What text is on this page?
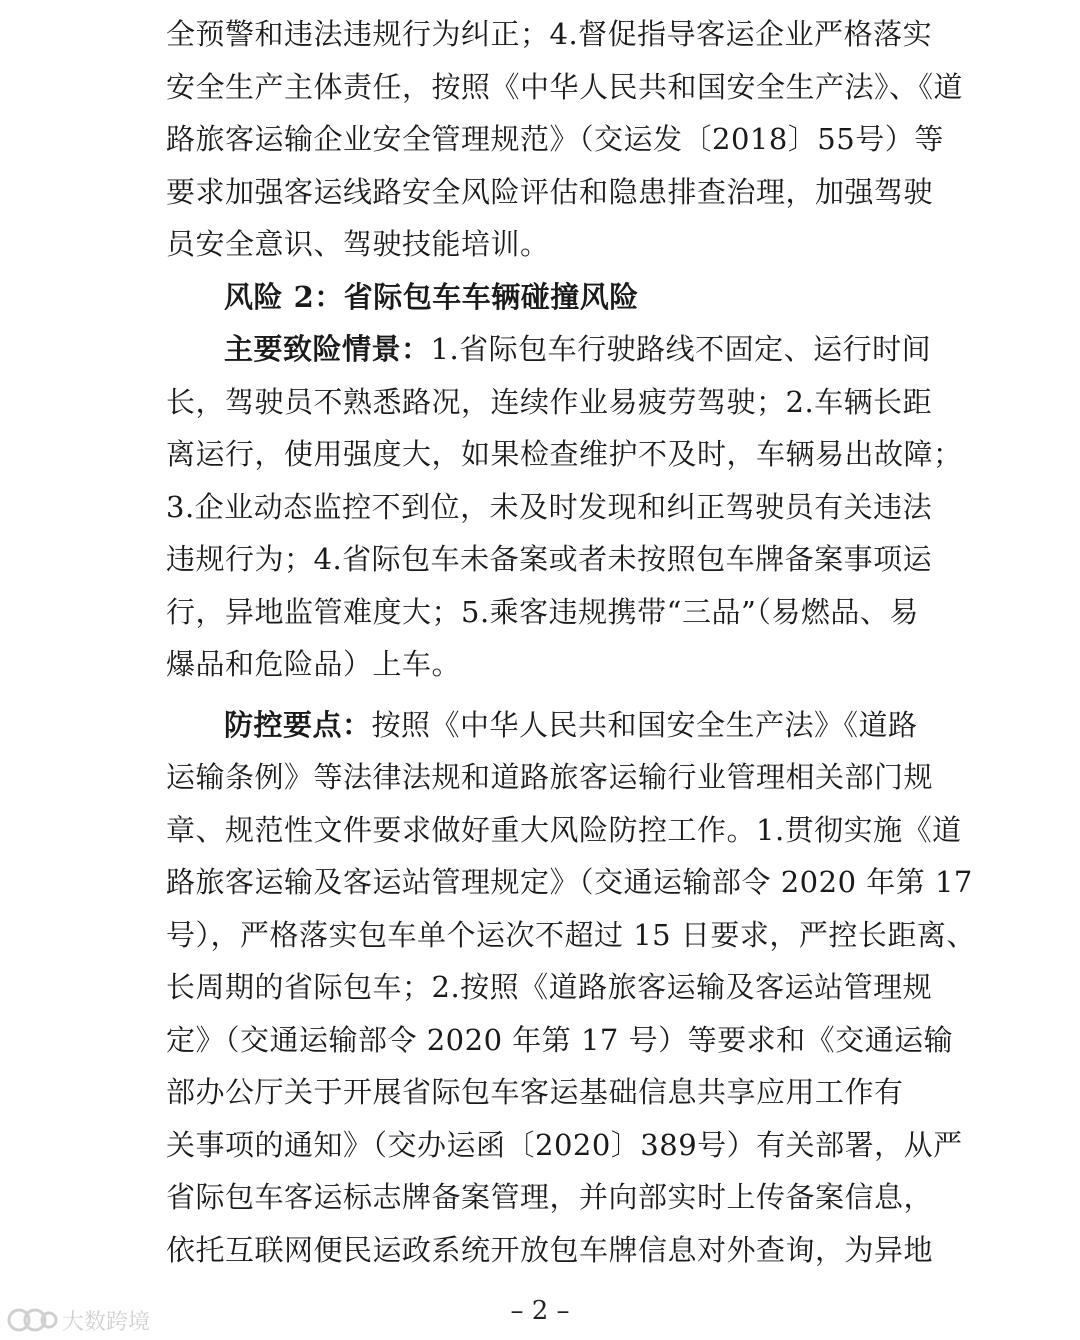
全预警和违法违规行为纠正；4.督促指导客运企业严格落实
安全生产主体责任，按照《中华人民共和国安全生产法》、《道
路旅客运输企业安全管理规范》（交运发〔2018〕55号）等
要求加强客运线路安全风险评估和隐患排查治理，加强驾驶
员安全意识、驾驶技能培训。
风险 2：省际包车车辆碰撞风险
主要致险情景：1.省际包车行驶路线不固定、运行时间
长，驾驶员不熟悉路况，连续作业易疲劳驾驶；2.车辆长距
离运行，使用强度大，如果检查维护不及时，车辆易出故障；
3.企业动态监控不到位，未及时发现和纠正驾驶员有关违法
违规行为；4.省际包车未备案或者未按照包车牌备案事项运
行，异地监管难度大；5.乘客违规携带“三品”（易燃品、易
爆品和危险品）上车。
防控要点：按照《中华人民共和国安全生产法》《道路
运输条例》等法律法规和道路旅客运输行业管理相关部门规
章、规范性文件要求做好重大风险防控工作。1.贯彻实施《道
路旅客运输及客运站管理规定》（交通运输部令 2020 年第 17
号），严格落实包车单个运次不超过 15 日要求，严控长距离、
长周期的省际包车；2.按照《道路旅客运输及客运站管理规
定》（交通运输部令 2020 年第 17 号）等要求和《交通运输
部办公厅关于开展省际包车客运基础信息共享应用工作有
关事项的通知》（交办运函〔2020〕389号）有关部署，从严
省际包车客运标志牌备案管理，并向部实时上传备案信息，
依托互联网便民运政系统开放包车牌信息对外查询，为异地
– 2 –
大数跨境
